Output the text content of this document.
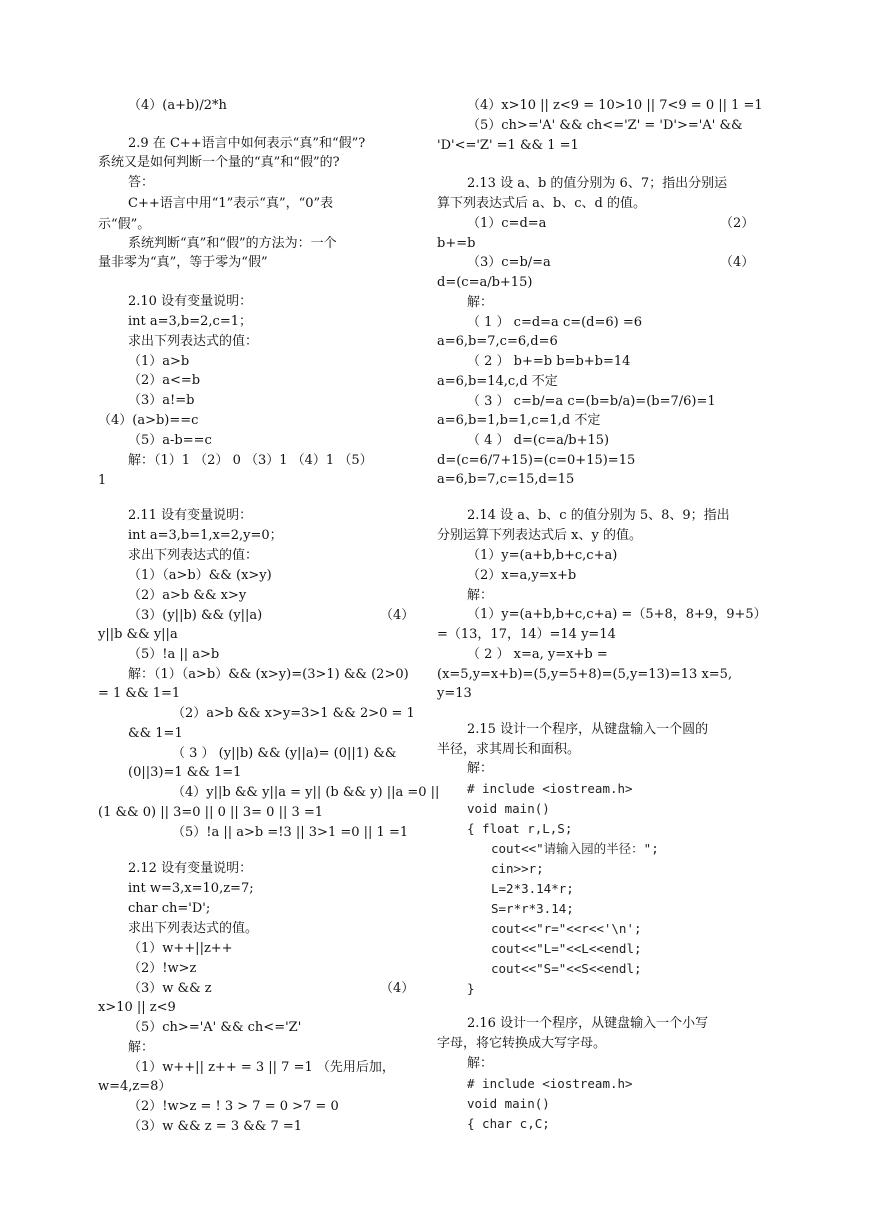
（4）(a+b)/2*h

2.9 在 C++语言中如何表示“真”和“假”?

系统又是如何判断一个量的“真”和“假”的?

答：

C++语言中用“1”表示“真”，“0”表

示“假”。

系统判断“真”和“假”的方法为：一个

量非零为“真”，等于零为“假”

2.10 设有变量说明：

int a=3,b=2,c=1；

求出下列表达式的值：

（1）a>b

（2）a<=b

（3）a!=b

（4）(a>b)==c

（5）a-b==c

解：（1）1 （2） 0 （3）1 （4）1 （5）

1

2.11 设有变量说明：

int a=3,b=1,x=2,y=0；

求出下列表达式的值：

（1）（a>b）&& (x>y)

（2）a>b && x>y

（3）(y||b) && (y||a)	（4）

y||b && y||a

（5）!a || a>b

解：（1）（a>b）&& (x>y)=(3>1) && (2>0)

= 1 && 1=1

（2）a>b && x>y=3>1 && 2>0 = 1

&& 1=1

（ 3 ） (y||b) && (y||a)= (0||1) &&

(0||3)=1 && 1=1

（4）y||b && y||a = y|| (b && y) ||a =0 ||

(1 && 0) || 3=0 || 0 || 3= 0 || 3 =1

（5）!a || a>b =!3 || 3>1 =0 || 1 =1

2.12 设有变量说明：

int w=3,x=10,z=7;

char ch='D';

求出下列表达式的值。

（1）w++||z++

（2）!w>z

（3）w && z	（4）

x>10 || z<9

（5）ch>='A' && ch<='Z'

解：

（1）w++|| z++ = 3 || 7 =1 （先用后加，

w=4,z=8）

（2）!w>z = ! 3 > 7 = 0 >7 = 0

（3）w && z = 3 && 7 =1

（4）x>10 || z<9 = 10>10 || 7<9 = 0 || 1 =1

（5）ch>='A' && ch<='Z' = 'D'>='A' &&

'D'<='Z' =1 && 1 =1

2.13 设 a、b 的值分别为 6、7；指出分别运

算下列表达式后 a、b、c、d 的值。

（1）c=d=a	（2）

b+=b

（3）c=b/=a	（4）

d=(c=a/b+15)

解：

（ 1 ） c=d=a c=(d=6) =6

a=6,b=7,c=6,d=6

（ 2 ） b+=b b=b+b=14

a=6,b=14,c,d 不定

（ 3 ） c=b/=a c=(b=b/a)=(b=7/6)=1

a=6,b=1,b=1,c=1,d 不定

（ 4 ） d=(c=a/b+15)

d=(c=6/7+15)=(c=0+15)=15

a=6,b=7,c=15,d=15

2.14 设 a、b、c 的值分别为 5、8、9；指出

分别运算下列表达式后 x、y 的值。

（1）y=(a+b,b+c,c+a)

（2）x=a,y=x+b

解：

（1）y=(a+b,b+c,c+a) =（5+8，8+9，9+5）

=（13，17，14）=14 y=14

（ 2 ） x=a, y=x+b =

(x=5,y=x+b)=(5,y=5+8)=(5,y=13)=13 x=5,

y=13

2.15 设计一个程序，从键盘输入一个圆的

半径，求其周长和面积。

解：

# include <iostream.h>

void main()

{ float r,L,S;

cout<<"请输入园的半径：";

cin>>r;

L=2*3.14*r;

S=r*r*3.14;

cout<<"r="<<r<<'\n';

cout<<"L="<<L<<endl;

cout<<"S="<<S<<endl;

}

2.16 设计一个程序，从键盘输入一个小写

字母，将它转换成大写字母。

解：

# include <iostream.h>

void main()

{ char c,C;
